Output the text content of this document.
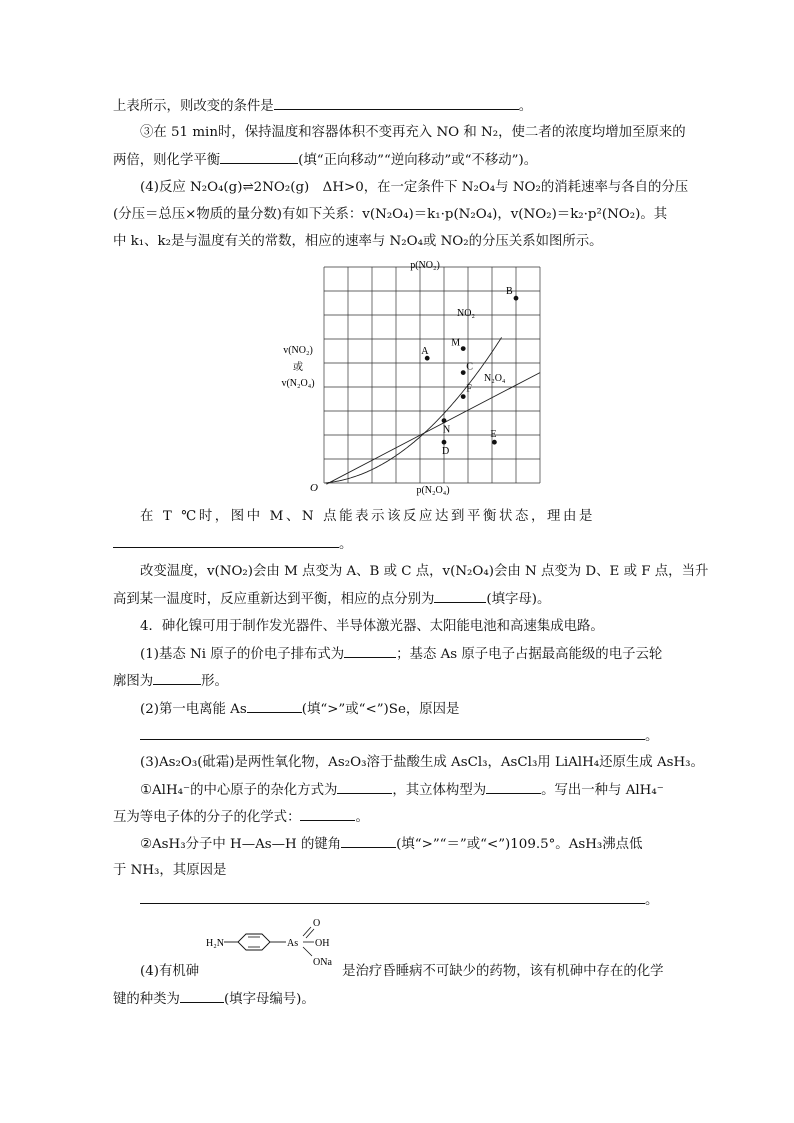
上表所示，则改变的条件是	。
③在 51 min时，保持温度和容器体积不变再充入 NO 和 N₂，使二者的浓度均增加至原来的
两倍，则化学平衡	(填“正向移动”“逆向移动”或“不移动”)。
(4)反应 N₂O₄(g)⇌2NO₂(g)　ΔH>0，在一定条件下 N₂O₄与 NO₂的消耗速率与各自的分压
(分压＝总压×物质的量分数)有如下关系：v(N₂O₄)＝k₁·p(N₂O₄)，v(NO₂)＝k₂·p²(NO₂)。其
中 k₁、k₂是与温度有关的常数，相应的速率与 N₂O₄或 NO₂的分压关系如图所示。
A
B
M
C
F
N
D
E
p(NO₂)
p(N₂O₄)
v(NO₂)
或
v(N₂O₄)
O
NO₂
N₂O₄
在 T ℃时，图中 M、N 点能表示该反应达到平衡状态，理由是
。
改变温度，v(NO₂)会由 M 点变为 A、B 或 C 点，v(N₂O₄)会由 N 点变为 D、E 或 F 点，当升
高到某一温度时，反应重新达到平衡，相应的点分别为	(填字母)。
4．砷化镍可用于制作发光器件、半导体激光器、太阳能电池和高速集成电路。
(1)基态 Ni 原子的价电子排布式为	；基态 As 原子电子占据最高能级的电子云轮
廓图为	形。
(2)第一电离能 As	(填“>”或“<”)Se，原因是
。
(3)As₂O₃(砒霜)是两性氧化物，As₂O₃溶于盐酸生成 AsCl₃，AsCl₃用 LiAlH₄还原生成 AsH₃。
①AlH₄⁻的中心原子的杂化方式为	，其立体构型为	。写出一种与 AlH₄⁻
互为等电子体的分子的化学式：	。
②AsH₃分子中 H—As—H 的键角	(填“>”“＝”或“<”)109.5°。AsH₃沸点低
于 NH₃，其原因是
。
H₂N	As
O
OH
ONa
(4)有机砷	是治疗昏睡病不可缺少的药物，该有机砷中存在的化学
键的种类为	(填字母编号)。
